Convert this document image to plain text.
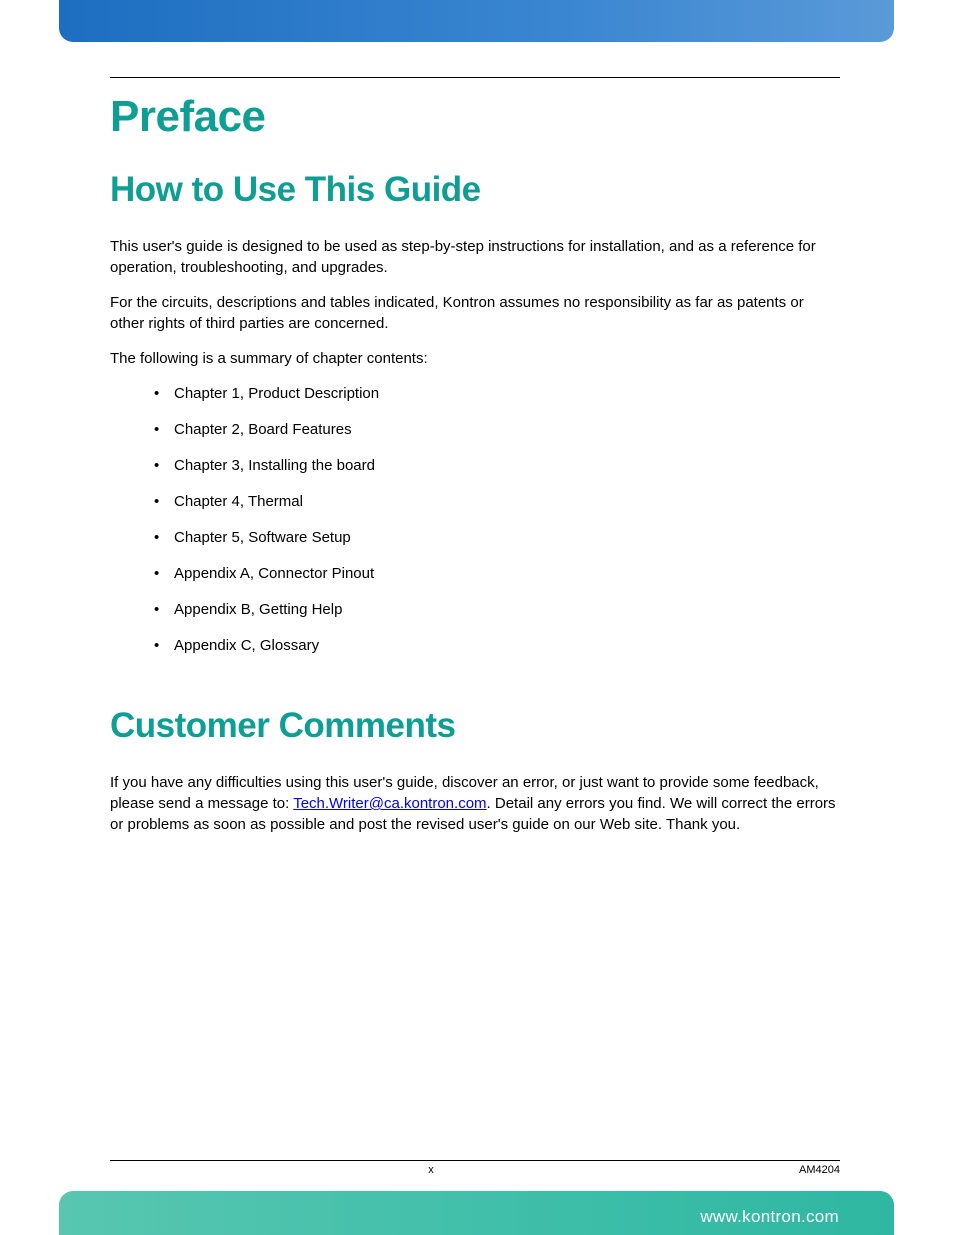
Preface
How to Use This Guide

This user's guide is designed to be used as step-by-step instructions for installation, and as a reference for operation, troubleshooting, and upgrades.

For the circuits, descriptions and tables indicated, Kontron assumes no responsibility as far as patents or other rights of third parties are concerned.

The following is a summary of chapter contents:

• Chapter 1, Product Description
• Chapter 2, Board Features
• Chapter 3, Installing the board
• Chapter 4, Thermal
• Chapter 5, Software Setup
• Appendix A, Connector Pinout
• Appendix B, Getting Help
• Appendix C, Glossary
Customer Comments

If you have any difficulties using this user's guide, discover an error, or just want to provide some feedback, please send a message to: Tech.Writer@ca.kontron.com. Detail any errors you find. We will correct the errors or problems as soon as possible and post the revised user's guide on our Web site. Thank you.

x	AM4204
www.kontron.com
